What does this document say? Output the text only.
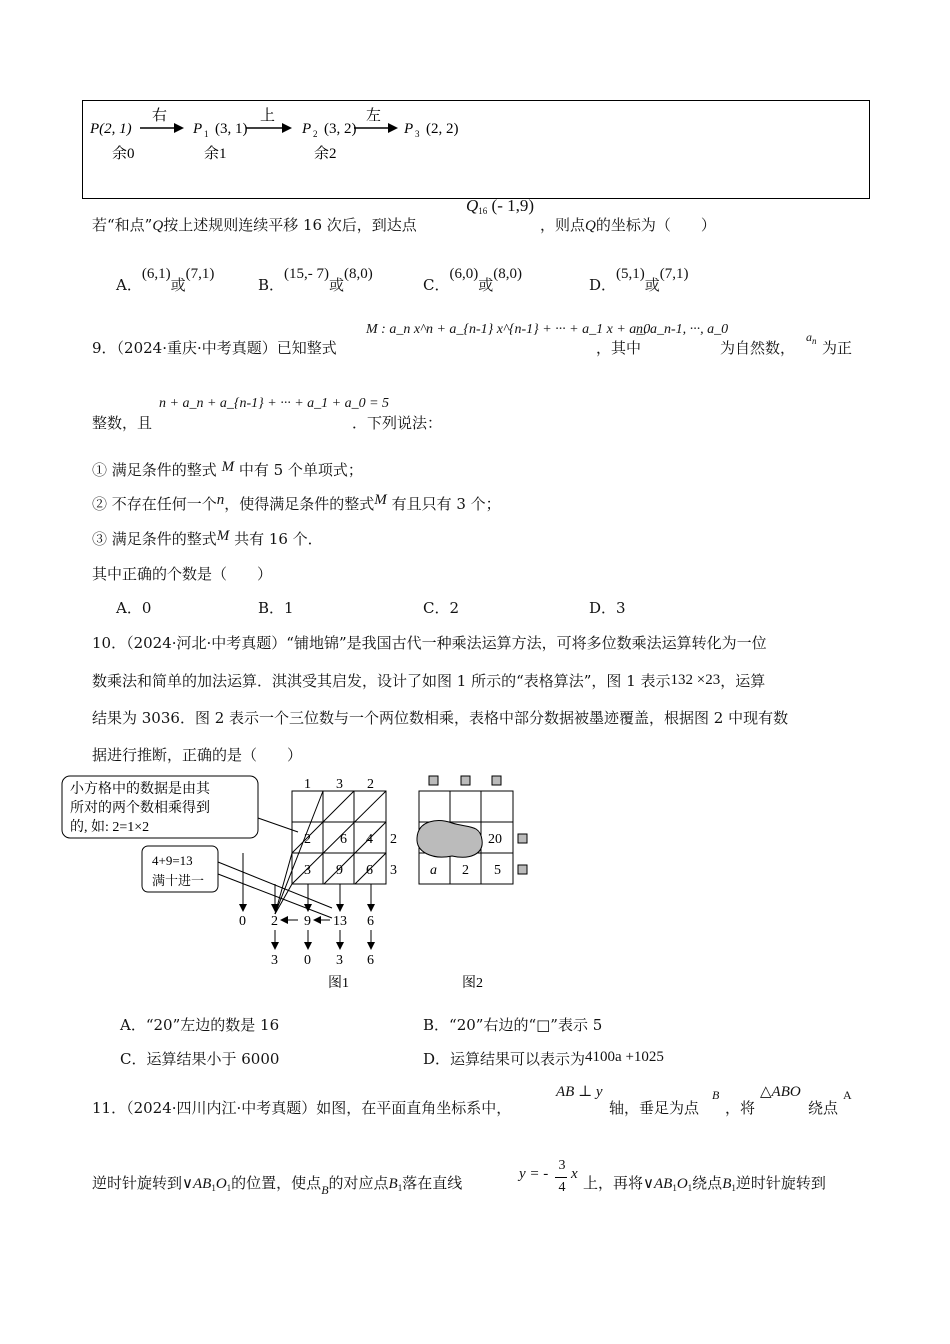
P(2, 1)
余0
右
P 1 (3, 1)
余1
上
P 2 (3, 2)
余2
左
P 3 (2, 2)
若“和点”Q按上述规则连续平移 16 次后，到达点
$Q_{16}$ (- 1,9)
，则点Q的坐标为（　　）
A．(6,1)或(7,1)
B．(15,- 7)或(8,0)
C．(6,0)或(8,0)
D．(5,1)或(7,1)
9．（2024·重庆·中考真题）已知整式
M : a_n x^n + a_{n-1} x^{n-1} + ··· + a_1 x + a_0
，其中
n, a_n-1, ···, a_0
为自然数，
$a_n$ 为正
整数，且
n + a_n + a_{n-1} + ··· + a_1 + a_0 = 5
．下列说法：
① 满足条件的整式 M 中有 5 个单项式；
② 不存在任何一个n，使得满足条件的整式M 有且只有 3 个；
③ 满足条件的整式M 共有 16 个．
其中正确的个数是（　　）
A．0	B．1	C．2	D．3
10．（2024·河北·中考真题）“铺地锦”是我国古代一种乘法运算方法，可将多位数乘法运算转化为一位
数乘法和简单的加法运算．淇淇受其启发，设计了如图 1 所示的“表格算法”，图 1 表示132 ×23，运算
结果为 3036．图 2 表示一个三位数与一个两位数相乘，表格中部分数据被墨迹覆盖，根据图 2 中现有数
据进行推断，正确的是（　　）
小方格中的数据是由其
所对的两个数相乘得到
的, 如: 2=1×2
4+9=13
满十进一
1 3 2
2 6 4
3 9 6
2
3
0 2 9 13 6
3 0 3 6
图1
20
a 2 5
图2
A．“20”左边的数是 16	B．“20”右边的“□”表示 5
C．运算结果小于 6000	D．运算结果可以表示为4100a +1025
11．（2024·四川内江·中考真题）如图，在平面直角坐标系中，
AB ⊥ y
轴，垂足为点
B
，将
△ABO
绕点
A
逆时针旋转到$\vee AB_1O_1$的位置，使点$_B$的对应点$B_1$落在直线	y = -
3
4
x 上，再将$\vee AB_1O_1$绕点$B_1$逆时针旋转到
